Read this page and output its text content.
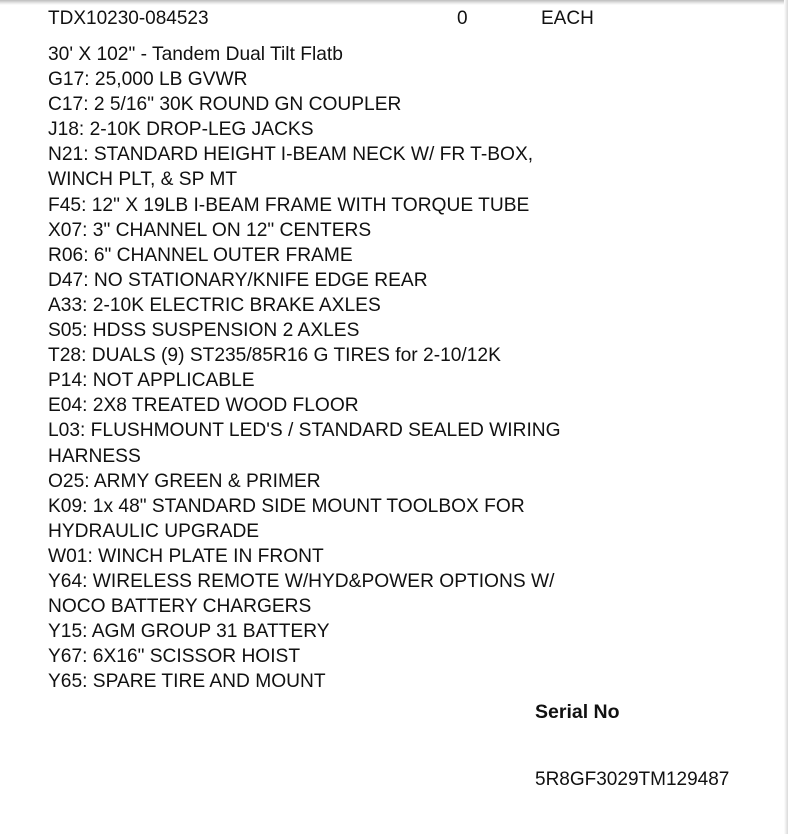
TDX10230-084523	0	EACH
30' X 102" - Tandem Dual Tilt Flatb
G17: 25,000 LB GVWR
C17: 2 5/16" 30K ROUND GN COUPLER
J18: 2-10K DROP-LEG JACKS
N21: STANDARD HEIGHT I-BEAM NECK W/ FR T-BOX,
WINCH PLT, & SP MT
F45: 12" X 19LB I-BEAM FRAME WITH TORQUE TUBE
X07: 3" CHANNEL ON 12" CENTERS
R06: 6" CHANNEL OUTER FRAME
D47: NO STATIONARY/KNIFE EDGE REAR
A33: 2-10K ELECTRIC BRAKE AXLES
S05: HDSS SUSPENSION 2 AXLES
T28: DUALS (9) ST235/85R16 G TIRES for 2-10/12K
P14: NOT APPLICABLE
E04: 2X8 TREATED WOOD FLOOR
L03: FLUSHMOUNT LED'S / STANDARD SEALED WIRING
HARNESS
O25: ARMY GREEN & PRIMER
K09: 1x 48" STANDARD SIDE MOUNT TOOLBOX FOR
HYDRAULIC UPGRADE
W01: WINCH PLATE IN FRONT
Y64: WIRELESS REMOTE W/HYD&POWER OPTIONS W/
NOCO BATTERY CHARGERS
Y15: AGM GROUP 31 BATTERY
Y67: 6X16" SCISSOR HOIST
Y65: SPARE TIRE AND MOUNT
Serial No
5R8GF3029TM129487
